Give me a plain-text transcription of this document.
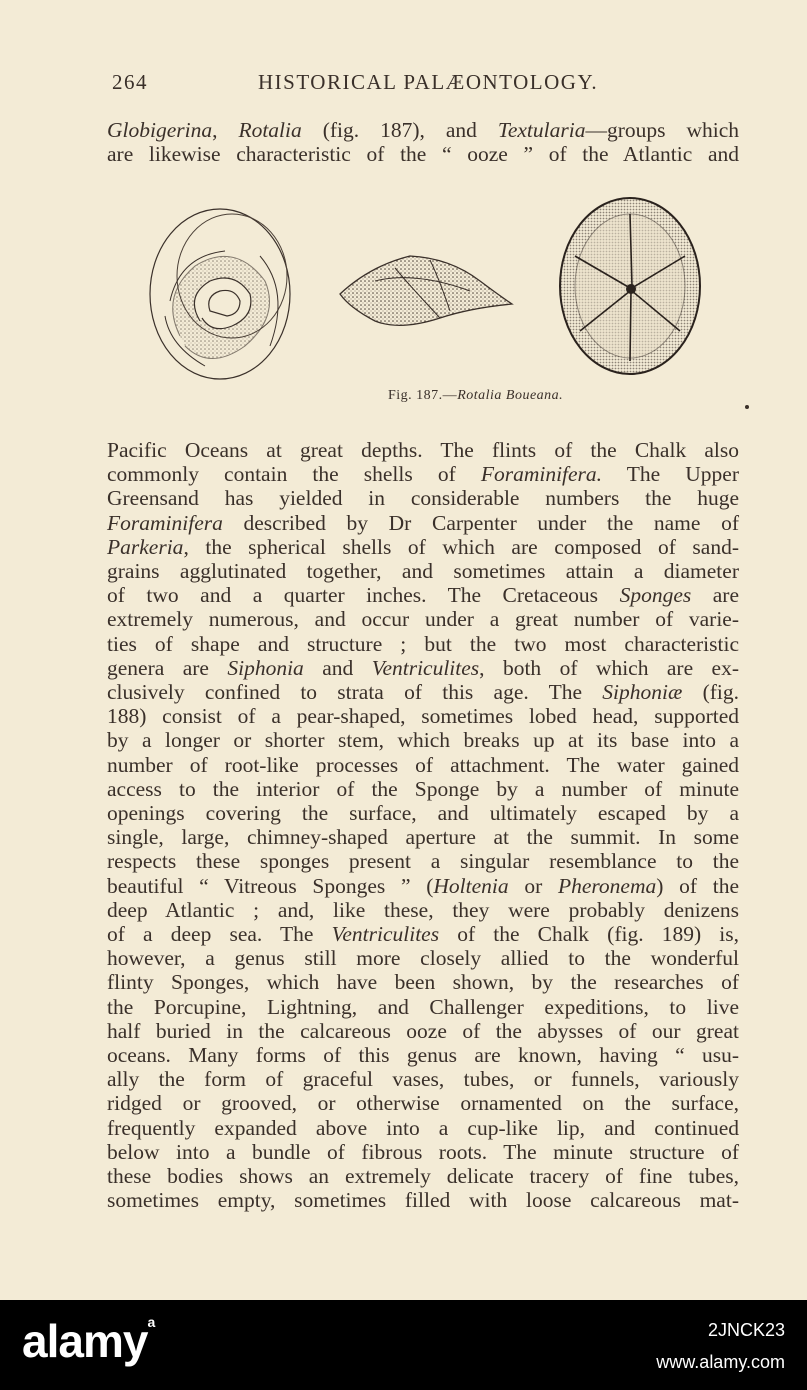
264	HISTORICAL PALÆONTOLOGY.
Globigerina, Rotalia (fig. 187), and Textularia—groups which
are likewise characteristic of the “ ooze ” of the Atlantic and
Fig. 187.—Rotalia Boueana.
Pacific Oceans at great depths. The flints of the Chalk also
commonly contain the shells of Foraminifera. The Upper
Greensand has yielded in considerable numbers the huge
Foraminifera described by Dr Carpenter under the name of
Parkeria, the spherical shells of which are composed of sand-
grains agglutinated together, and sometimes attain a diameter
of two and a quarter inches. The Cretaceous Sponges are
extremely numerous, and occur under a great number of varie-
ties of shape and structure ; but the two most characteristic
genera are Siphonia and Ventriculites, both of which are ex-
clusively confined to strata of this age. The Siphoniæ (fig.
188) consist of a pear-shaped, sometimes lobed head, supported
by a longer or shorter stem, which breaks up at its base into a
number of root-like processes of attachment. The water gained
access to the interior of the Sponge by a number of minute
openings covering the surface, and ultimately escaped by a
single, large, chimney-shaped aperture at the summit. In some
respects these sponges present a singular resemblance to the
beautiful “ Vitreous Sponges ” (Holtenia or Pheronema) of the
deep Atlantic ; and, like these, they were probably denizens
of a deep sea. The Ventriculites of the Chalk (fig. 189) is,
however, a genus still more closely allied to the wonderful
flinty Sponges, which have been shown, by the researches of
the Porcupine, Lightning, and Challenger expeditions, to live
half buried in the calcareous ooze of the abysses of our great
oceans. Many forms of this genus are known, having “ usu-
ally the form of graceful vases, tubes, or funnels, variously
ridged or grooved, or otherwise ornamented on the surface,
frequently expanded above into a cup-like lip, and continued
below into a bundle of fibrous roots. The minute structure of
these bodies shows an extremely delicate tracery of fine tubes,
sometimes empty, sometimes filled with loose calcareous mat-
alamy$^a$	2JNCK23
www.alamy.com
